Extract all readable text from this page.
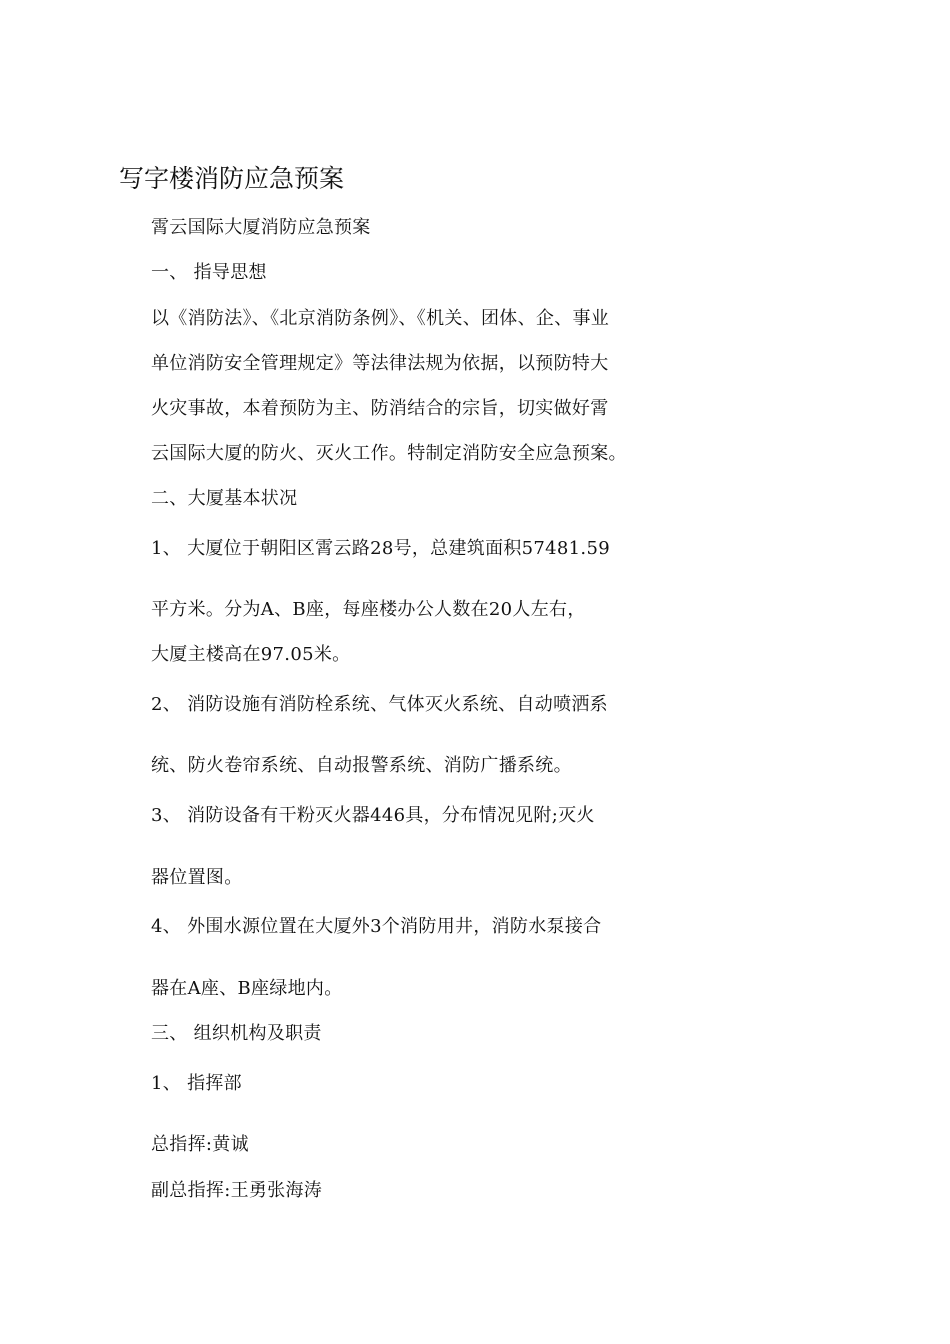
写字楼消防应急预案
霄云国际大厦消防应急预案
一、 指导思想
以《消防法》、《北京消防条例》、《机关、团体、企、事业
单位消防安全管理规定》等法律法规为依据，以预防特大
火灾事故，本着预防为主、防消结合的宗旨，切实做好霄
云国际大厦的防火、灭火工作。特制定消防安全应急预案。
二、大厦基本状况
1、 大厦位于朝阳区霄云路28号，总建筑面积57481.59
平方米。分为A、B座，每座楼办公人数在20人左右，
大厦主楼高在97.05米。
2、 消防设施有消防栓系统、气体灭火系统、自动喷洒系
统、防火卷帘系统、自动报警系统、消防广播系统。
3、 消防设备有干粉灭火器446具，分布情况见附;灭火
器位置图。
4、 外围水源位置在大厦外3个消防用井，消防水泵接合
器在A座、B座绿地内。
三、 组织机构及职责
1、 指挥部
总指挥:黄诚
副总指挥:王勇张海涛
